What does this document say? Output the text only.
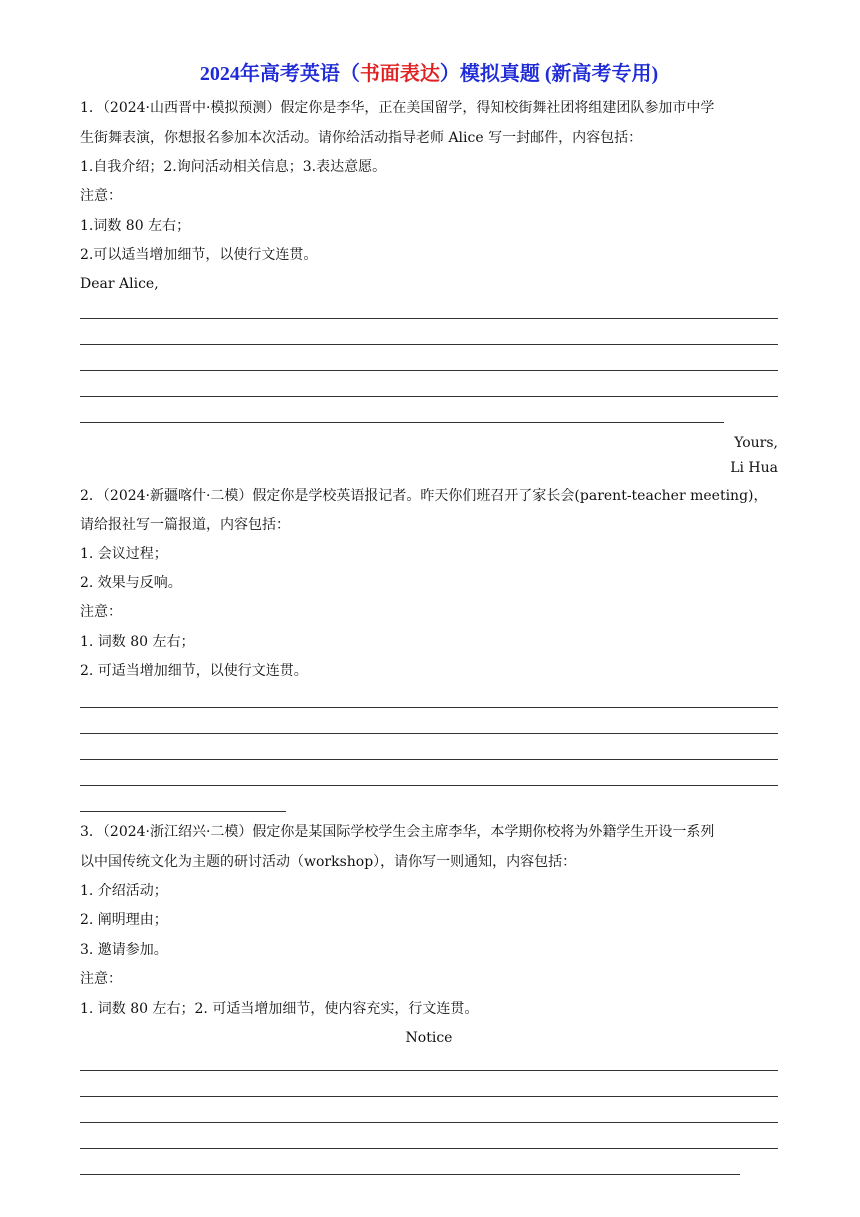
2024年高考英语（书面表达）模拟真题 (新高考专用)
1．（2024·山西晋中·模拟预测）假定你是李华，正在美国留学，得知校街舞社团将组建团队参加市中学
生街舞表演，你想报名参加本次活动。请你给活动指导老师 Alice 写一封邮件，内容包括：
1.自我介绍；2.询问活动相关信息；3.表达意愿。
注意：
1.词数 80 左右；
2.可以适当增加细节，以使行文连贯。
Dear Alice,
Yours,
Li Hua
2．（2024·新疆喀什·二模）假定你是学校英语报记者。昨天你们班召开了家长会(parent-teacher meeting)，
请给报社写一篇报道，内容包括：
1. 会议过程；
2. 效果与反响。
注意：
1. 词数 80 左右；
2. 可适当增加细节，以使行文连贯。
3．（2024·浙江绍兴·二模）假定你是某国际学校学生会主席李华，本学期你校将为外籍学生开设一系列
以中国传统文化为主题的研讨活动（workshop），请你写一则通知，内容包括：
1. 介绍活动；
2. 阐明理由；
3. 邀请参加。
注意：
1. 词数 80 左右；2. 可适当增加细节，使内容充实，行文连贯。
Notice
